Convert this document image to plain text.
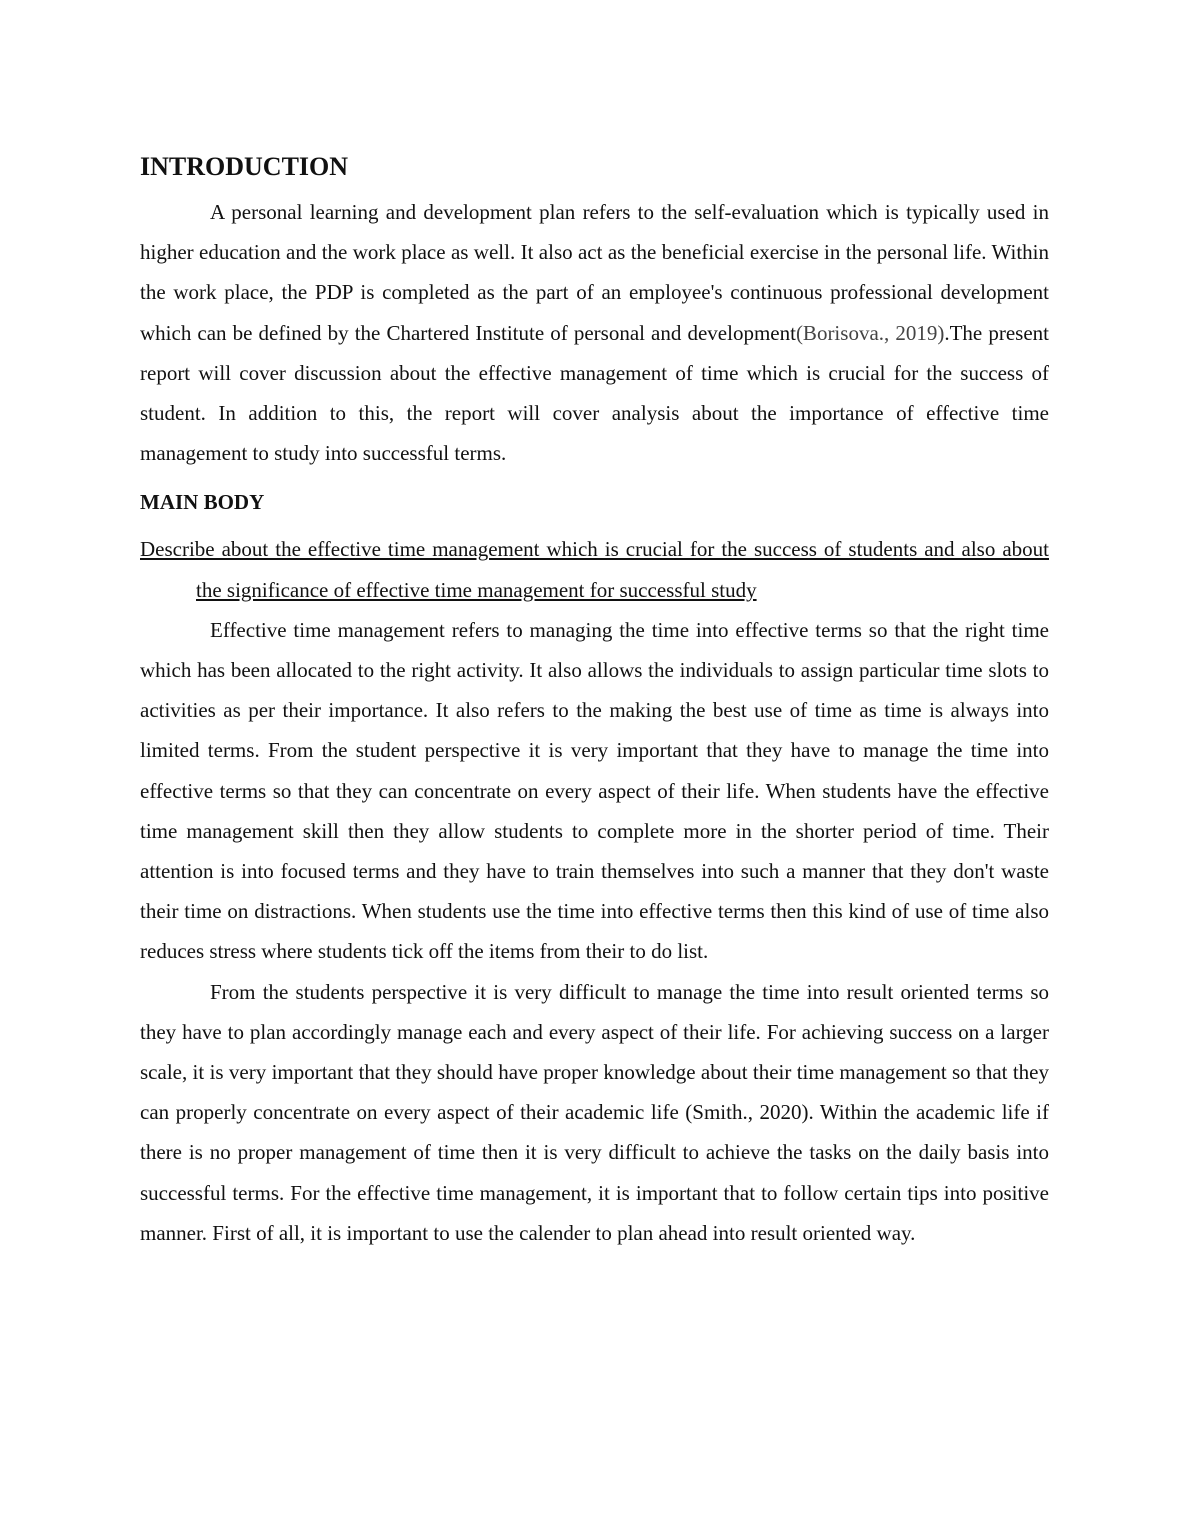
INTRODUCTION

A personal learning and development plan refers to the self-evaluation which is typically used in higher education and the work place as well. It also act as the beneficial exercise in the personal life. Within the work place, the PDP is completed as the part of an employee's continuous professional development which can be defined by the Chartered Institute of personal and development(Borisova., 2019).The present report will cover discussion about the effective management of time which is crucial for the success of student. In addition to this, the report will cover analysis about the importance of effective time management to study into successful terms.

MAIN BODY

Describe about the effective time management which is crucial for the success of students and also about the significance of effective time management for successful study

Effective time management refers to managing the time into effective terms so that the right time which has been allocated to the right activity. It also allows the individuals to assign particular time slots to activities as per their importance. It also refers to the making the best use of time as time is always into limited terms. From the student perspective it is very important that they have to manage the time into effective terms so that they can concentrate on every aspect of their life. When students have the effective time management skill then they allow students to complete more in the shorter period of time. Their attention is into focused terms and they have to train themselves into such a manner that they don't waste their time on distractions. When students use the time into effective terms then this kind of use of time also reduces stress where students tick off the items from their to do list.

From the students perspective it is very difficult to manage the time into result oriented terms so they have to plan accordingly manage each and every aspect of their life. For achieving success on a larger scale, it is very important that they should have proper knowledge about their time management so that they can properly concentrate on every aspect of their academic life (Smith., 2020). Within the academic life if there is no proper management of time then it is very difficult to achieve the tasks on the daily basis into successful terms. For the effective time management, it is important that to follow certain tips into positive manner. First of all, it is important to use the calender to plan ahead into result oriented way.
